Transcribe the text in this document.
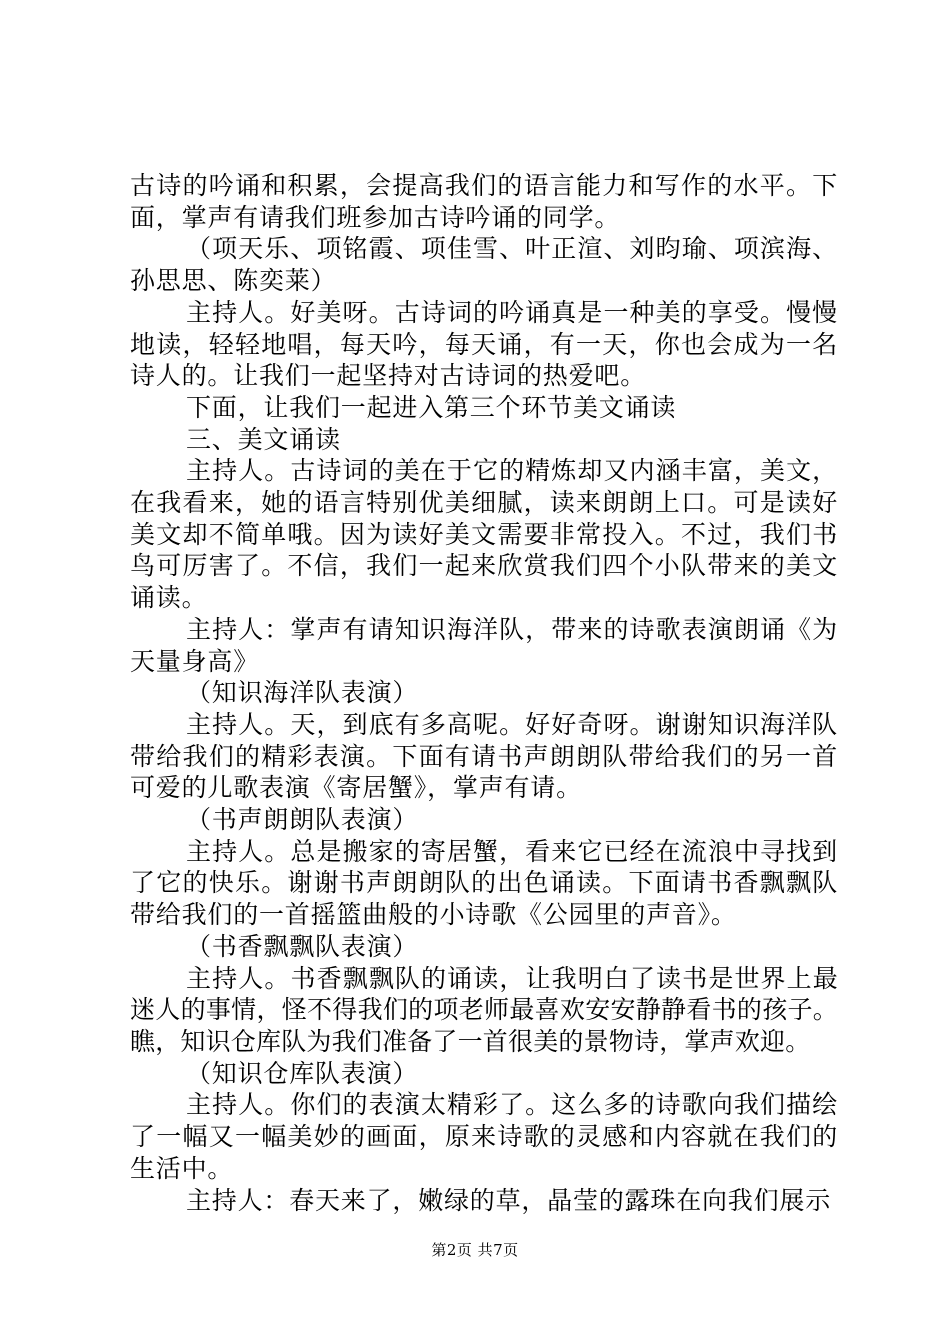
古诗的吟诵和积累，会提高我们的语言能力和写作的水平。下面，掌声有请我们班参加古诗吟诵的同学。

（项天乐、项铭霞、项佳雪、叶正渲、刘昀瑜、项滨海、孙思思、陈奕莱）

主持人。好美呀。古诗词的吟诵真是一种美的享受。慢慢地读，轻轻地唱，每天吟，每天诵，有一天，你也会成为一名诗人的。让我们一起坚持对古诗词的热爱吧。

下面，让我们一起进入第三个环节美文诵读

三、美文诵读

主持人。古诗词的美在于它的精炼却又内涵丰富，美文，在我看来，她的语言特别优美细腻，读来朗朗上口。可是读好美文却不简单哦。因为读好美文需要非常投入。不过，我们书鸟可厉害了。不信，我们一起来欣赏我们四个小队带来的美文诵读。

主持人：掌声有请知识海洋队，带来的诗歌表演朗诵《为天量身高》

（知识海洋队表演）

主持人。天，到底有多高呢。好好奇呀。谢谢知识海洋队带给我们的精彩表演。下面有请书声朗朗队带给我们的另一首可爱的儿歌表演《寄居蟹》，掌声有请。

（书声朗朗队表演）

主持人。总是搬家的寄居蟹，看来它已经在流浪中寻找到了它的快乐。谢谢书声朗朗队的出色诵读。下面请书香飘飘队带给我们的一首摇篮曲般的小诗歌《公园里的声音》。

（书香飘飘队表演）

主持人。书香飘飘队的诵读，让我明白了读书是世界上最迷人的事情，怪不得我们的项老师最喜欢安安静静看书的孩子。瞧，知识仓库队为我们准备了一首很美的景物诗，掌声欢迎。

（知识仓库队表演）

主持人。你们的表演太精彩了。这么多的诗歌向我们描绘了一幅又一幅美妙的画面，原来诗歌的灵感和内容就在我们的生活中。

主持人：春天来了，嫩绿的草，晶莹的露珠在向我们展示

第2页 共7页
